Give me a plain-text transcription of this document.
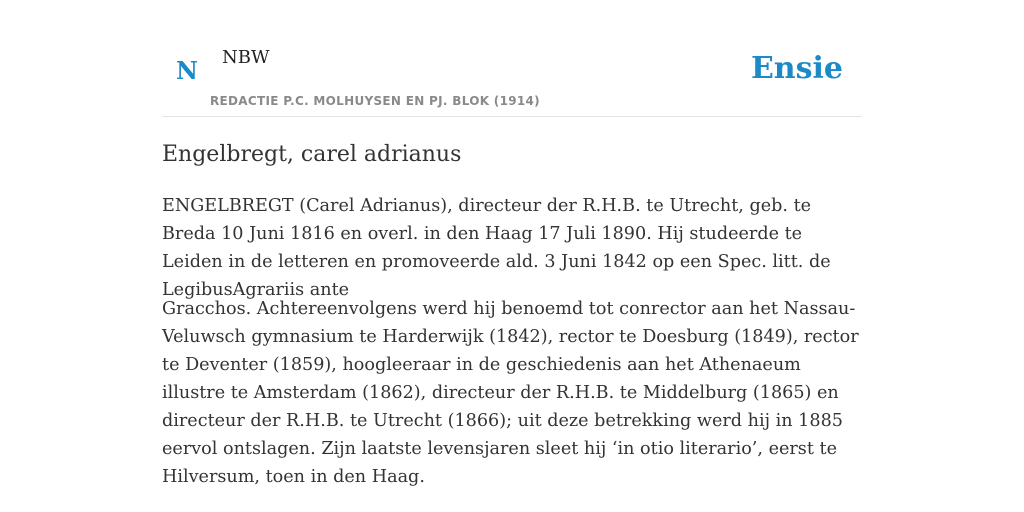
N NBW
REDACTIE P.C. MOLHUYSEN EN PJ. BLOK (1914)
Ensie
Engelbregt, carel adrianus

ENGELBREGT (Carel Adrianus), directeur der R.H.B. te Utrecht, geb. te Breda 10 Juni 1816 en overl. in den Haag 17 Juli 1890. Hij studeerde te Leiden in de letteren en promoveerde ald. 3 Juni 1842 op een Spec. litt. de LegibusAgrariis ante

Gracchos. Achtereenvolgens werd hij benoemd tot conrector aan het Nassau-Veluwsch gymnasium te Harderwijk (1842), rector te Doesburg (1849), rector te Deventer (1859), hoogleeraar in de geschiedenis aan het Athenaeum illustre te Amsterdam (1862), directeur der R.H.B. te Middelburg (1865) en directeur der R.H.B. te Utrecht (1866); uit deze betrekking werd hij in 1885 eervol ontslagen. Zijn laatste levensjaren sleet hij ‘in otio literario’, eerst te Hilversum, toen in den Haag.
